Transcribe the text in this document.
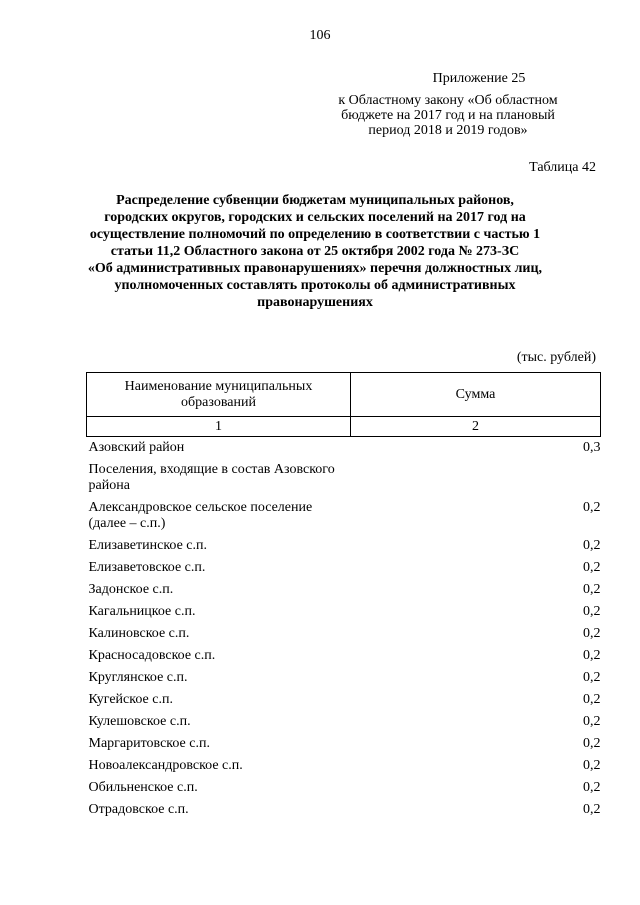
106
Приложение 25
к Областному закону «Об областном
бюджете на 2017 год и на плановый
период 2018 и 2019 годов»
Таблица 42
Распределение субвенции бюджетам муниципальных районов,
городских округов, городских и сельских поселений на 2017 год на
осуществление полномочий по определению в соответствии с частью 1
статьи 11,2 Областного закона от 25 октября 2002 года № 273-ЗС
«Об административных правонарушениях» перечня должностных лиц,
уполномоченных составлять протоколы об административных
правонарушениях
(тыс. рублей)
Наименование муниципальных образований	Сумма
1	2
Азовский район	0,3
Поселения, входящие в состав Азовского района	
Александровское сельское поселение (далее – с.п.)	0,2
Елизаветинское с.п.	0,2
Елизаветовское с.п.	0,2
Задонское с.п.	0,2
Кагальницкое с.п.	0,2
Калиновское с.п.	0,2
Красносадовское с.п.	0,2
Круглянское с.п.	0,2
Кугейское с.п.	0,2
Кулешовское с.п.	0,2
Маргаритовское с.п.	0,2
Новоалександровское с.п.	0,2
Обильненское с.п.	0,2
Отрадовское с.п.	0,2
